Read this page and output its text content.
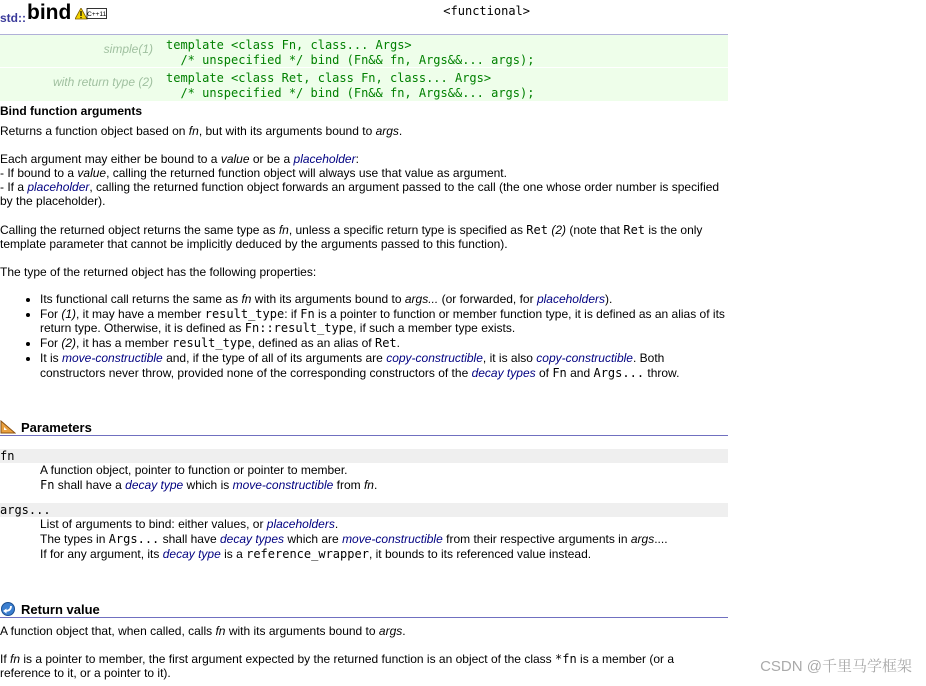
std:: bind C++11	<functional>
simple(1) template <class Fn, class... Args>
/* unspecified */ bind (Fn&& fn, Args&&... args);
with return type (2) template <class Ret, class Fn, class... Args>
/* unspecified */ bind (Fn&& fn, Args&&... args);
Bind function arguments
Returns a function object based on fn, but with its arguments bound to args.
Each argument may either be bound to a value or be a placeholder:
- If bound to a value, calling the returned function object will always use that value as argument.
- If a placeholder, calling the returned function object forwards an argument passed to the call (the one whose order number is specified by the placeholder).
Calling the returned object returns the same type as fn, unless a specific return type is specified as Ret (2) (note that Ret is the only template parameter that cannot be implicitly deduced by the arguments passed to this function).
The type of the returned object has the following properties:
• Its functional call returns the same as fn with its arguments bound to args... (or forwarded, for placeholders).
• For (1), it may have a member result_type: if Fn is a pointer to function or member function type, it is defined as an alias of its return type. Otherwise, it is defined as Fn::result_type, if such a member type exists.
• For (2), it has a member result_type, defined as an alias of Ret.
• It is move-constructible and, if the type of all of its arguments are copy-constructible, it is also copy-constructible. Both constructors never throw, provided none of the corresponding constructors of the decay types of Fn and Args... throw.
Parameters
fn
A function object, pointer to function or pointer to member.
Fn shall have a decay type which is move-constructible from fn.
args...
List of arguments to bind: either values, or placeholders.
The types in Args... shall have decay types which are move-constructible from their respective arguments in args....
If for any argument, its decay type is a reference_wrapper, it bounds to its referenced value instead.
Return value
A function object that, when called, calls fn with its arguments bound to args.
If fn is a pointer to member, the first argument expected by the returned function is an object of the class *fn is a member (or a reference to it, or a pointer to it).	CSDN @千里马学框架
